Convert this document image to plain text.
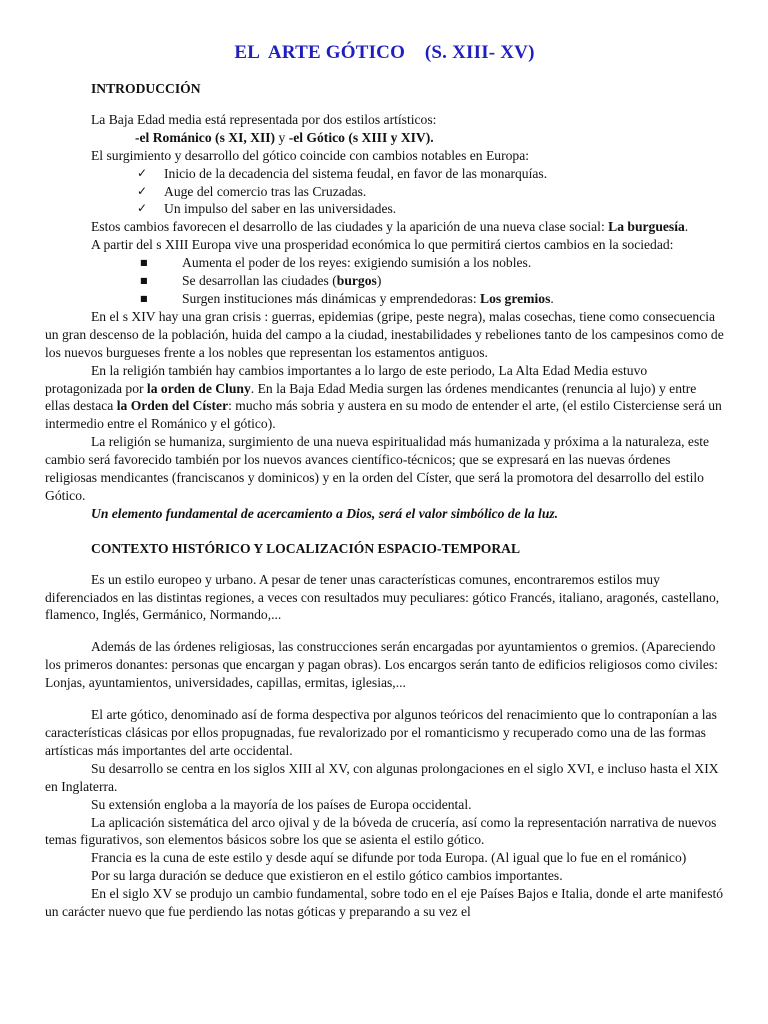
EL  ARTE GÓTICO    (S. XIII- XV)
INTRODUCCIÓN

La Baja Edad media está representada por dos estilos artísticos:

-el Románico (s XI, XII) y -el Gótico (s XIII y XIV).

El surgimiento y desarrollo del gótico coincide con cambios notables en Europa:

✓ Inicio de la decadencia del sistema feudal, en favor de las monarquías.
✓ Auge del comercio tras las Cruzadas.
✓ Un impulso del saber en las universidades.

Estos cambios favorecen el desarrollo de las ciudades y la aparición de una nueva clase social: La burguesía.

A partir del s XIII Europa vive una prosperidad económica lo que permitirá ciertos cambios en la sociedad:

■	Aumenta el poder de los reyes: exigiendo sumisión a los nobles.
■	Se desarrollan las ciudades (burgos)
■	Surgen instituciones más dinámicas y emprendedoras: Los gremios.

En el s XIV hay una gran crisis : guerras, epidemias (gripe, peste negra), malas cosechas, tiene como consecuencia un gran descenso de la población, huida del campo a la ciudad, inestabilidades y rebeliones tanto de los campesinos como de los nuevos burgueses frente a los nobles que representan los estamentos antiguos.

En la religión también hay cambios importantes a lo largo de este periodo, La Alta Edad Media estuvo protagonizada por la orden de Cluny. En la Baja Edad Media surgen las órdenes mendicantes (renuncia al lujo) y entre ellas destaca la Orden del Císter: mucho más sobria y austera en su modo de entender el arte, (el estilo Cisterciense será un intermedio entre el Románico y el gótico).

La religión se humaniza, surgimiento de una nueva espiritualidad más humanizada y próxima a la naturaleza, este cambio será favorecido también por los nuevos avances científico-técnicos; que se expresará en las nuevas órdenes religiosas mendicantes (franciscanos y dominicos) y en la orden del Císter, que será la promotora del desarrollo del estilo Gótico.

Un elemento fundamental de acercamiento a Dios, será el valor simbólico de la luz.

CONTEXTO HISTÓRICO Y LOCALIZACIÓN ESPACIO-TEMPORAL

Es un estilo europeo y urbano. A pesar de tener unas características comunes, encontraremos estilos muy diferenciados en las distintas regiones, a veces con resultados muy peculiares: gótico Francés, italiano, aragonés, castellano, flamenco, Inglés, Germánico, Normando,...

Además de las órdenes religiosas, las construcciones serán encargadas por ayuntamientos o gremios. (Apareciendo los primeros donantes: personas que encargan y pagan obras). Los encargos serán tanto de edificios religiosos como civiles: Lonjas, ayuntamientos, universidades, capillas, ermitas, iglesias,...

El arte gótico, denominado así de forma despectiva por algunos teóricos del renacimiento que lo contraponían a las características clásicas por ellos propugnadas, fue revalorizado por el romanticismo y recuperado como una de las formas artísticas más importantes del arte occidental.

Su desarrollo se centra en los siglos XIII al XV, con algunas prolongaciones en el siglo XVI, e incluso hasta el XIX en Inglaterra.

Su extensión engloba a la mayoría de los países de Europa occidental.

La aplicación sistemática del arco ojival y de la bóveda de crucería, así como la representación narrativa de nuevos temas figurativos, son elementos básicos sobre los que se asienta el estilo gótico.

Francia es la cuna de este estilo y desde aquí se difunde por toda Europa. (Al igual que lo fue en el románico)

Por su larga duración se deduce que existieron en el estilo gótico cambios importantes.

En el siglo XV se produjo un cambio fundamental, sobre todo en el eje Países Bajos e Italia, donde el arte manifestó un carácter nuevo que fue perdiendo las notas góticas y preparando a su vez el
